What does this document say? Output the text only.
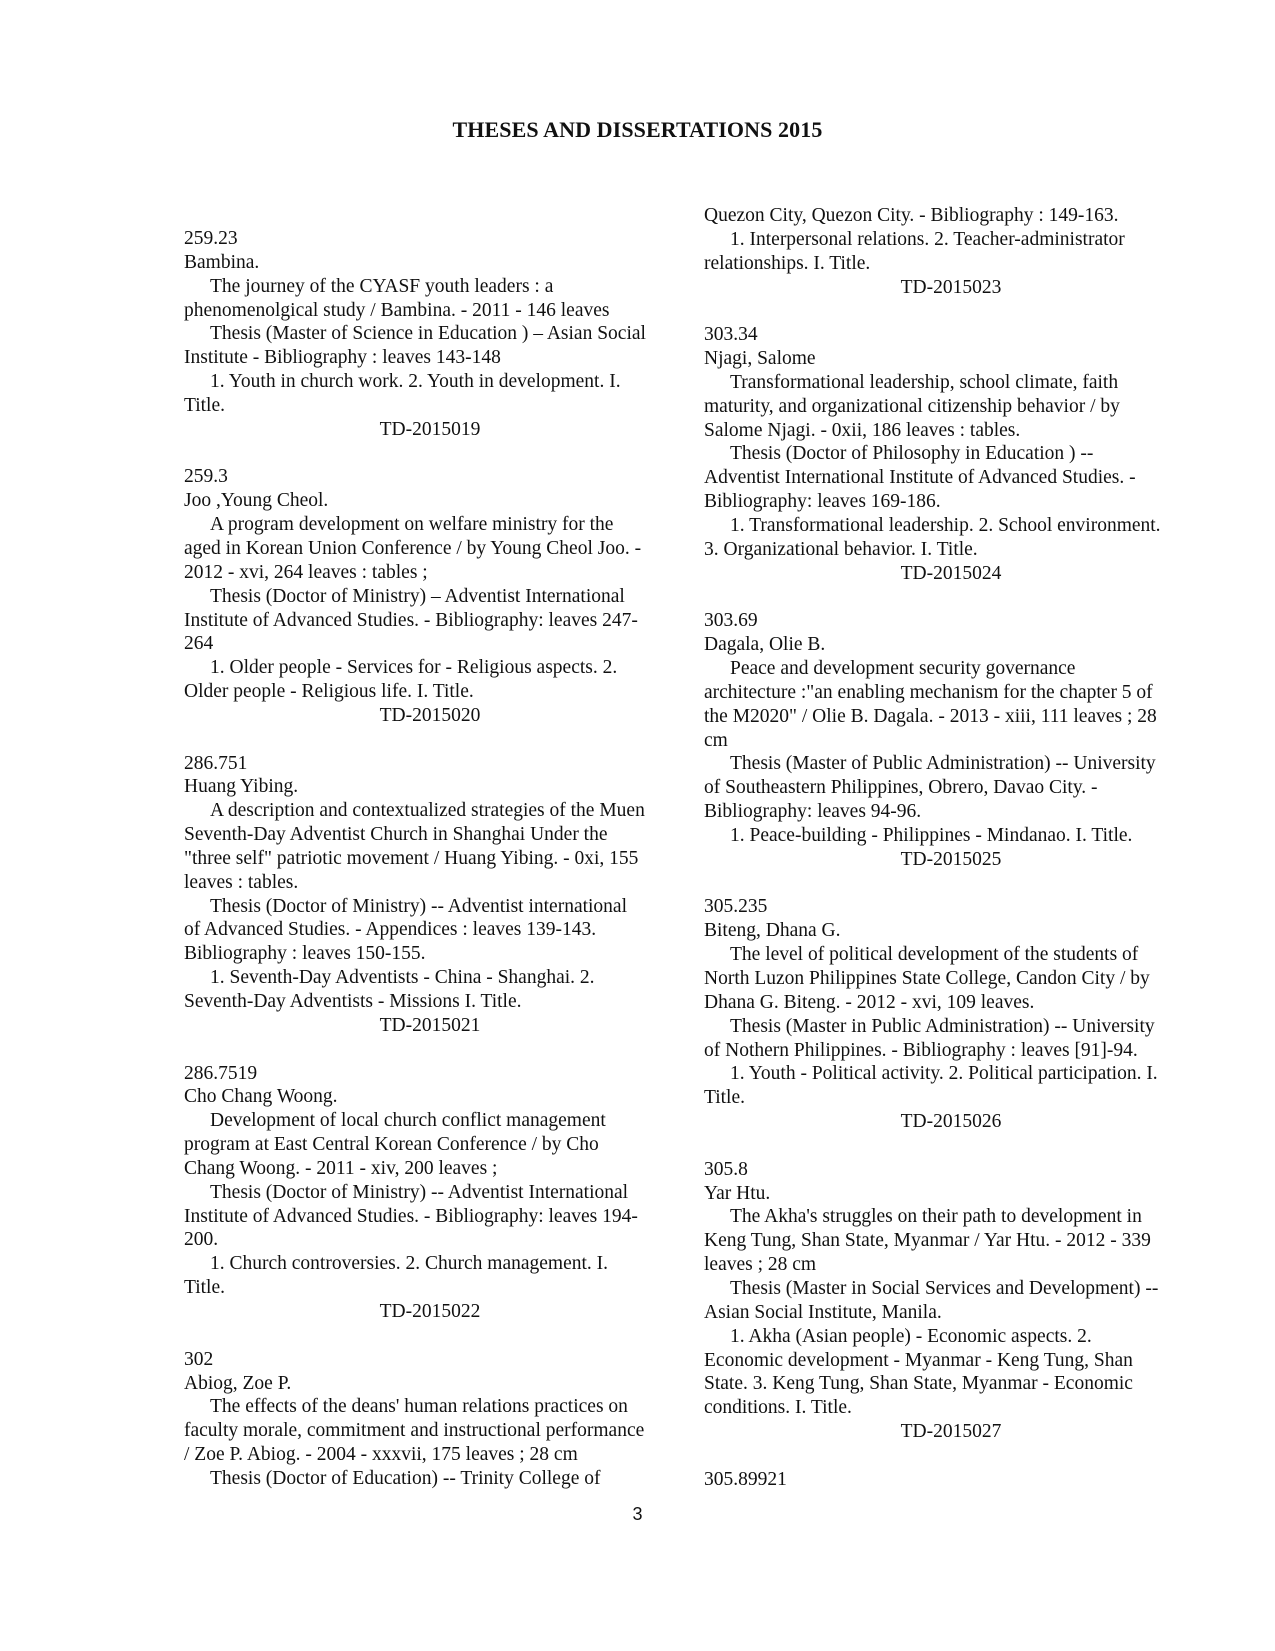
THESES AND DISSERTATIONS 2015

259.23

Bambina.

The journey of the CYASF youth leaders : a

phenomenolgical study / Bambina. - 2011 - 146 leaves

Thesis (Master of Science in Education ) – Asian Social

Institute - Bibliography : leaves 143-148

1. Youth in church work. 2. Youth in development. I.

Title.

TD-2015019

259.3

Joo ,Young Cheol.

A program development on welfare ministry for the

aged in Korean Union Conference / by Young Cheol Joo. -

2012 - xvi, 264 leaves : tables ;

Thesis (Doctor of Ministry) – Adventist International

Institute of Advanced Studies. - Bibliography: leaves 247-

264

1. Older people - Services for - Religious aspects. 2.

Older people - Religious life. I. Title.

TD-2015020

286.751

Huang Yibing.

A description and contextualized strategies of the Muen

Seventh-Day Adventist Church in Shanghai Under the

"three self" patriotic movement / Huang Yibing. - 0xi, 155

leaves : tables.

Thesis (Doctor of Ministry) -- Adventist international

of Advanced Studies. - Appendices : leaves 139-143.

Bibliography : leaves 150-155.

1. Seventh-Day Adventists - China - Shanghai. 2.

Seventh-Day Adventists - Missions I. Title.

TD-2015021

286.7519

Cho Chang Woong.

Development of local church conflict management

program at East Central Korean Conference / by Cho

Chang Woong. - 2011 - xiv, 200 leaves ;

Thesis (Doctor of Ministry) -- Adventist International

Institute of Advanced Studies. - Bibliography: leaves 194-

200.

1. Church controversies. 2. Church management. I.

Title.

TD-2015022

302

Abiog, Zoe P.

The effects of the deans' human relations practices on

faculty morale, commitment and instructional performance

/ Zoe P. Abiog. - 2004 - xxxvii, 175 leaves ; 28 cm

Thesis (Doctor of Education) -- Trinity College of

Quezon City, Quezon City. - Bibliography : 149-163.

1. Interpersonal relations. 2. Teacher-administrator

relationships. I. Title.

TD-2015023

303.34

Njagi, Salome

Transformational leadership, school climate, faith

maturity, and organizational citizenship behavior / by

Salome Njagi. - 0xii, 186 leaves : tables.

Thesis (Doctor of Philosophy in Education ) --

Adventist International Institute of Advanced Studies. -

Bibliography: leaves 169-186.

1. Transformational leadership. 2. School environment.

3. Organizational behavior. I. Title.

TD-2015024

303.69

Dagala, Olie B.

Peace and development security governance

architecture :"an enabling mechanism for the chapter 5 of

the M2020" / Olie B. Dagala. - 2013 - xiii, 111 leaves ; 28

cm

Thesis (Master of Public Administration) -- University

of Southeastern Philippines, Obrero, Davao City. -

Bibliography: leaves 94-96.

1. Peace-building - Philippines - Mindanao. I. Title.

TD-2015025

305.235

Biteng, Dhana G.

The level of political development of the students of

North Luzon Philippines State College, Candon City / by

Dhana G. Biteng. - 2012 - xvi, 109 leaves.

Thesis (Master in Public Administration) -- University

of Nothern Philippines. - Bibliography : leaves [91]-94.

1. Youth - Political activity. 2. Political participation. I.

Title.

TD-2015026

305.8

Yar Htu.

The Akha's struggles on their path to development in

Keng Tung, Shan State, Myanmar / Yar Htu. - 2012 - 339

leaves ; 28 cm

Thesis (Master in Social Services and Development) --

Asian Social Institute, Manila.

1. Akha (Asian people) - Economic aspects. 2.

Economic development - Myanmar - Keng Tung, Shan

State. 3. Keng Tung, Shan State, Myanmar - Economic

conditions. I. Title.

TD-2015027

305.89921

3
